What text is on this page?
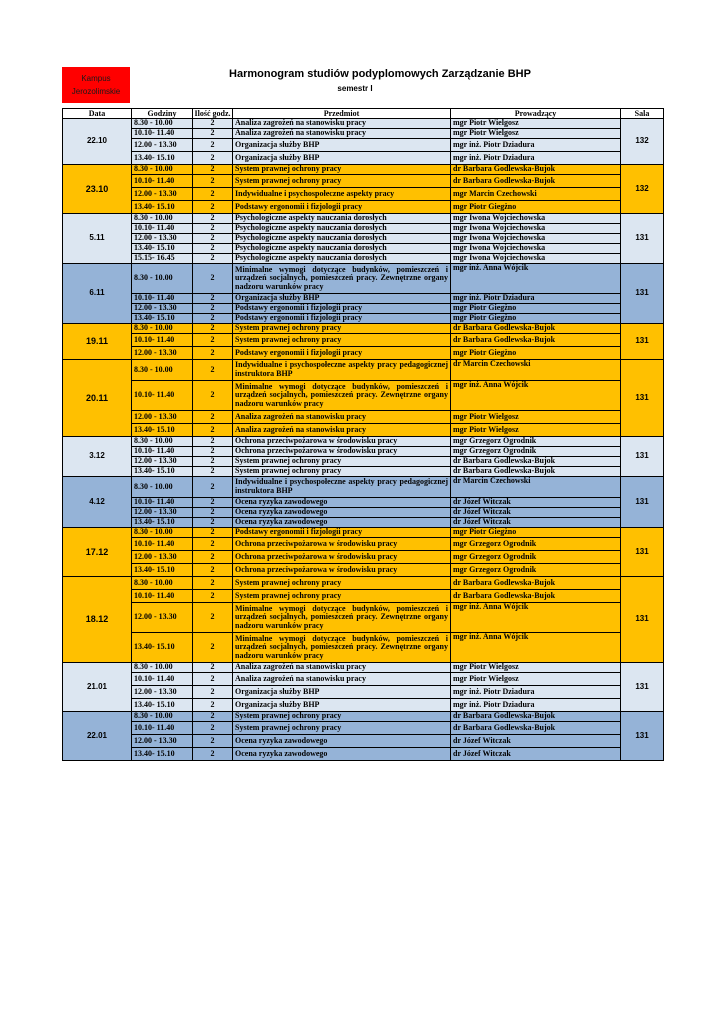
Kampus
Jerozolimskie
Harmonogram studiów podyplomowych Zarządzanie BHP
semestr I
Data	Godziny	Ilość godz.	Przedmiot	Prowadzący	Sala
22.10	8.30 - 10.00	2	Analiza zagrożeń na stanowisku pracy	mgr Piotr Wielgosz	132
	10.10- 11.40	2	Analiza zagrożeń na stanowisku pracy	mgr Piotr Wielgosz	
	12.00 - 13.30	2	Organizacja służby BHP	mgr inż. Piotr Dziadura	
	13.40- 15.10	2	Organizacja służby BHP	mgr inż. Piotr Dziadura	
23.10	8.30 - 10.00	2	System prawnej ochrony pracy	dr Barbara Godlewska-Bujok	132
	10.10- 11.40	2	System prawnej ochrony pracy	dr Barbara Godlewska-Bujok	
	12.00 - 13.30	2	Indywidualne i psychospołeczne aspekty pracy	mgr Marcin Czechowski	
	13.40- 15.10	2	Podstawy ergonomii i fizjologii pracy	mgr Piotr Giegżno	
5.11	8.30 - 10.00	2	Psychologiczne aspekty nauczania dorosłych	mgr Iwona Wojciechowska	131
	10.10- 11.40	2	Psychologiczne aspekty nauczania dorosłych	mgr Iwona Wojciechowska	
	12.00 - 13.30	2	Psychologiczne aspekty nauczania dorosłych	mgr Iwona Wojciechowska	
	13.40- 15.10	2	Psychologiczne aspekty nauczania dorosłych	mgr Iwona Wojciechowska	
	15.15- 16.45	2	Psychologiczne aspekty nauczania dorosłych	mgr Iwona Wojciechowska	
6.11	8.30 - 10.00	2	Minimalne wymogi dotyczące budynków, pomieszczeń i urządzeń socjalnych, pomieszczeń pracy. Zewnętrzne organy nadzoru warunków pracy	mgr inż. Anna Wójcik	131
	10.10- 11.40	2	Organizacja służby BHP	mgr inż. Piotr Dziadura	
	12.00 - 13.30	2	Podstawy ergonomii i fizjologii pracy	mgr Piotr Giegżno	
	13.40- 15.10	2	Podstawy ergonomii i fizjologii pracy	mgr Piotr Giegżno	
19.11	8.30 - 10.00	2	System prawnej ochrony pracy	dr Barbara Godlewska-Bujok	131
	10.10- 11.40	2	System prawnej ochrony pracy	dr Barbara Godlewska-Bujok	
	12.00 - 13.30	2	Podstawy ergonomii i fizjologii pracy	mgr Piotr Giegżno	
20.11	8.30 - 10.00	2	Indywidualne i psychospołeczne aspekty pracy pedagogicznej instruktora BHP	dr Marcin Czechowski	131
	10.10- 11.40	2	Minimalne wymogi dotyczące budynków, pomieszczeń i urządzeń socjalnych, pomieszczeń pracy. Zewnętrzne organy nadzoru warunków pracy	mgr inż. Anna Wójcik	
	12.00 - 13.30	2	Analiza zagrożeń na stanowisku pracy	mgr Piotr Wielgosz	
	13.40- 15.10	2	Analiza zagrożeń na stanowisku pracy	mgr Piotr Wielgosz	
3.12	8.30 - 10.00	2	Ochrona przeciwpożarowa w środowisku pracy	mgr Grzegorz Ogrodnik	131
	10.10- 11.40	2	Ochrona przeciwpożarowa w środowisku pracy	mgr Grzegorz Ogrodnik	
	12.00 - 13.30	2	System prawnej ochrony pracy	dr Barbara Godlewska-Bujok	
	13.40- 15.10	2	System prawnej ochrony pracy	dr Barbara Godlewska-Bujok	
4.12	8.30 - 10.00	2	Indywidualne i psychospołeczne aspekty pracy pedagogicznej instruktora BHP	dr Marcin Czechowski	131
	10.10- 11.40	2	Ocena ryzyka zawodowego	dr Józef Witczak	
	12.00 - 13.30	2	Ocena ryzyka zawodowego	dr Józef Witczak	
	13.40- 15.10	2	Ocena ryzyka zawodowego	dr Józef Witczak	
17.12	8.30 - 10.00	2	Podstawy ergonomii i fizjologii pracy	mgr Piotr Giegżno	131
	10.10- 11.40	2	Ochrona przeciwpożarowa w środowisku pracy	mgr Grzegorz Ogrodnik	
	12.00 - 13.30	2	Ochrona przeciwpożarowa w środowisku pracy	mgr Grzegorz Ogrodnik	
	13.40- 15.10	2	Ochrona przeciwpożarowa w środowisku pracy	mgr Grzegorz Ogrodnik	
18.12	8.30 - 10.00	2	System prawnej ochrony pracy	dr Barbara Godlewska-Bujok	131
	10.10- 11.40	2	System prawnej ochrony pracy	dr Barbara Godlewska-Bujok	
	12.00 - 13.30	2	Minimalne wymogi dotyczące budynków, pomieszczeń i urządzeń socjalnych, pomieszczeń pracy. Zewnętrzne organy nadzoru warunków pracy	mgr inż. Anna Wójcik	
	13.40- 15.10	2	Minimalne wymogi dotyczące budynków, pomieszczeń i urządzeń socjalnych, pomieszczeń pracy. Zewnętrzne organy nadzoru warunków pracy	mgr inż. Anna Wójcik	
21.01	8.30 - 10.00	2	Analiza zagrożeń na stanowisku pracy	mgr Piotr Wielgosz	131
	10.10- 11.40	2	Analiza zagrożeń na stanowisku pracy	mgr Piotr Wielgosz	
	12.00 - 13.30	2	Organizacja służby BHP	mgr inż. Piotr Dziadura	
	13.40- 15.10	2	Organizacja służby BHP	mgr inż. Piotr Dziadura	
22.01	8.30 - 10.00	2	System prawnej ochrony pracy	dr Barbara Godlewska-Bujok	131
	10.10- 11.40	2	System prawnej ochrony pracy	dr Barbara Godlewska-Bujok	
	12.00 - 13.30	2	Ocena ryzyka zawodowego	dr Józef Witczak	
	13.40- 15.10	2	Ocena ryzyka zawodowego	dr Józef Witczak	
